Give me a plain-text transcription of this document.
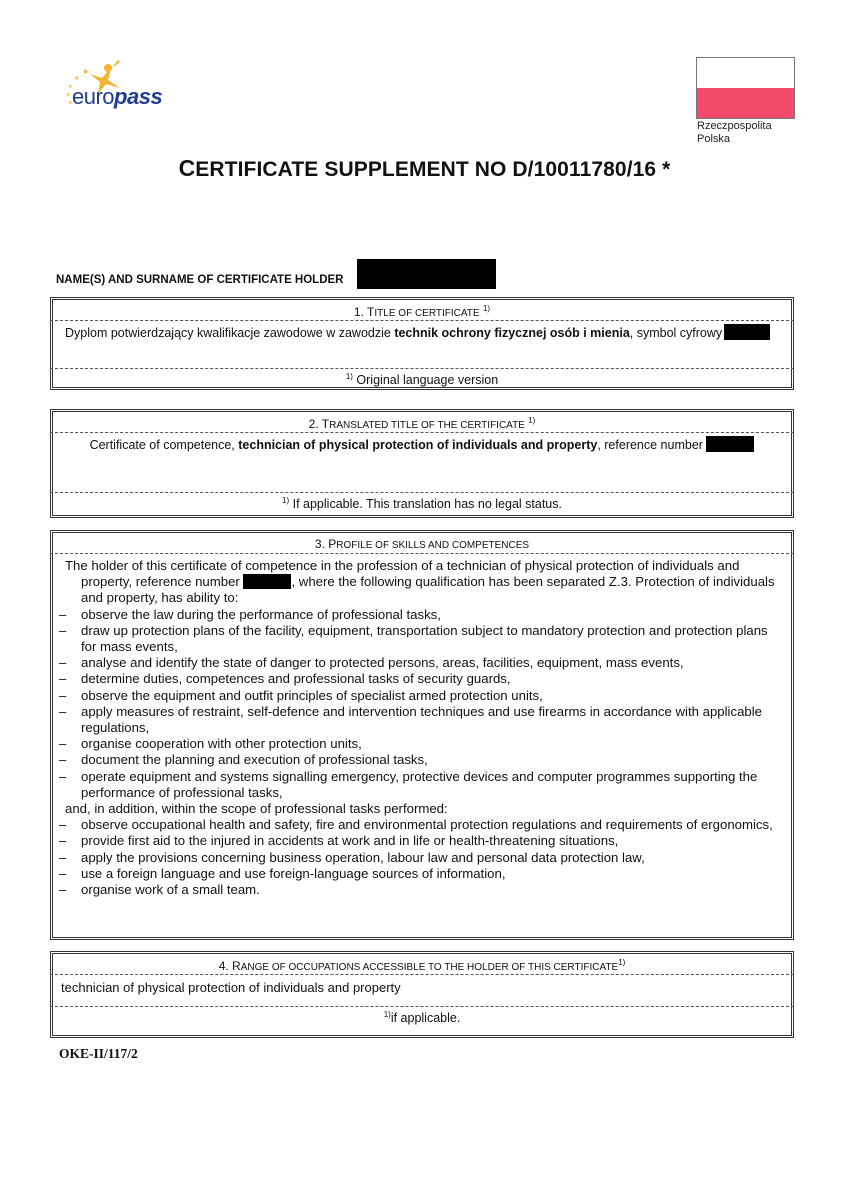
★
★
★
★
★ europass
Rzeczpospolita
Polska
CERTIFICATE SUPPLEMENT NO D/10011780/16 *
NAME(S) AND SURNAME OF CERTIFICATE HOLDER
1. TITLE OF CERTIFICATE $^{1)}$
Dyplom potwierdzający kwalifikacje zawodowe w zawodzie technik ochrony fizycznej osób i mienia, symbol cyfrowy
$^{1)}$ Original language version
2. TRANSLATED TITLE OF THE CERTIFICATE $^{1)}$
Certificate of competence, technician of physical protection of individuals and property, reference number
$^{1)}$ If applicable. This translation has no legal status.
3. PROFILE OF SKILLS AND COMPETENCES
The holder of this certificate of competence in the profession of a technician of physical protection of individuals and property, reference number	, where the following qualification has been separated Z.3. Protection of individuals and property, has ability to:
– observe the law during the performance of professional tasks,
– draw up protection plans of the facility, equipment, transportation subject to mandatory protection and protection plans for mass events,
– analyse and identify the state of danger to protected persons, areas, facilities, equipment, mass events,
– determine duties, competences and professional tasks of security guards,
– observe the equipment and outfit principles of specialist armed protection units,
– apply measures of restraint, self-defence and intervention techniques and use firearms in accordance with applicable regulations,
– organise cooperation with other protection units,
– document the planning and execution of professional tasks,
– operate equipment and systems signalling emergency, protective devices and computer programmes supporting the performance of professional tasks,
and, in addition, within the scope of professional tasks performed:
– observe occupational health and safety, fire and environmental protection regulations and requirements of ergonomics,
– provide first aid to the injured in accidents at work and in life or health-threatening situations,
– apply the provisions concerning business operation, labour law and personal data protection law,
– use a foreign language and use foreign-language sources of information,
– organise work of a small team.
4. RANGE OF OCCUPATIONS ACCESSIBLE TO THE HOLDER OF THIS CERTIFICATE$^{1)}$
technician of physical protection of individuals and property
$^{1)}$if applicable.
OKE-II/117/2
